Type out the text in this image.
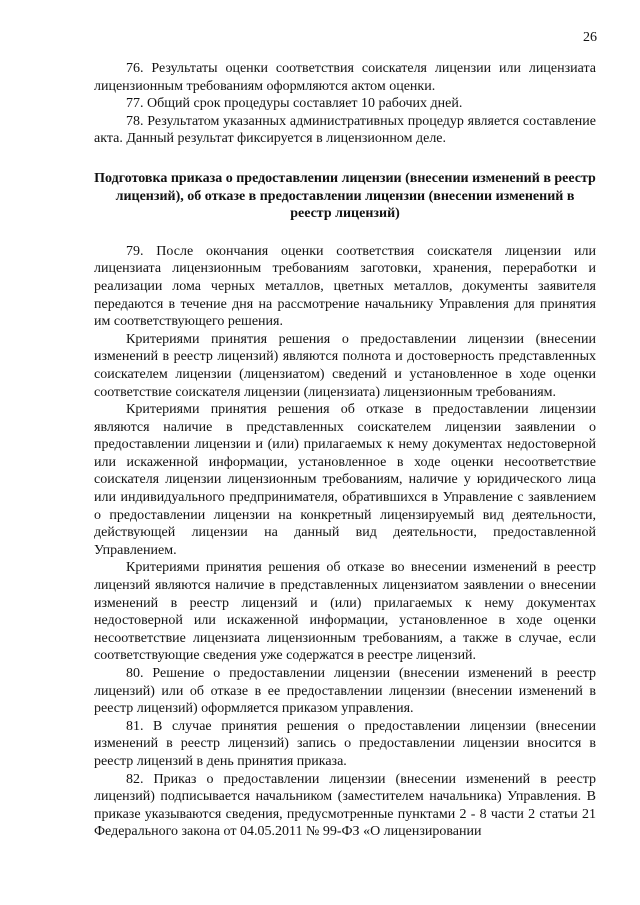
26

76. Результаты оценки соответствия соискателя лицензии или лицензиата лицензионным требованиям оформляются актом оценки.

77. Общий срок процедуры составляет 10 рабочих дней.

78. Результатом указанных административных процедур является составление акта. Данный результат фиксируется в лицензионном деле.

Подготовка приказа о предоставлении лицензии (внесении изменений в реестр лицензий), об отказе в предоставлении лицензии (внесении изменений в реестр лицензий)

79. После окончания оценки соответствия соискателя лицензии или лицензиата лицензионным требованиям заготовки, хранения, переработки и реализации лома черных металлов, цветных металлов, документы заявителя передаются в течение дня на рассмотрение начальнику Управления для принятия им соответствующего решения.

Критериями принятия решения о предоставлении лицензии (внесении изменений в реестр лицензий) являются полнота и достоверность представленных соискателем лицензии (лицензиатом) сведений и установленное в ходе оценки соответствие соискателя лицензии (лицензиата) лицензионным требованиям.

Критериями принятия решения об отказе в предоставлении лицензии являются наличие в представленных соискателем лицензии заявлении о предоставлении лицензии и (или) прилагаемых к нему документах недостоверной или искаженной информации, установленное в ходе оценки несоответствие соискателя лицензии лицензионным требованиям, наличие у юридического лица или индивидуального предпринимателя, обратившихся в Управление с заявлением о предоставлении лицензии на конкретный лицензируемый вид деятельности, действующей лицензии на данный вид деятельности, предоставленной Управлением.

Критериями принятия решения об отказе во внесении изменений в реестр лицензий являются наличие в представленных лицензиатом заявлении о внесении изменений в реестр лицензий и (или) прилагаемых к нему документах недостоверной или искаженной информации, установленное в ходе оценки несоответствие лицензиата лицензионным требованиям, а также в случае, если соответствующие сведения уже содержатся в реестре лицензий.

80. Решение о предоставлении лицензии (внесении изменений в реестр лицензий) или об отказе в ее предоставлении лицензии (внесении изменений в реестр лицензий) оформляется приказом управления.

81. В случае принятия решения о предоставлении лицензии (внесении изменений в реестр лицензий) запись о предоставлении лицензии вносится в реестр лицензий в день принятия приказа.

82. Приказ о предоставлении лицензии (внесении изменений в реестр лицензий) подписывается начальником (заместителем начальника) Управления. В приказе указываются сведения, предусмотренные пунктами 2 - 8 части 2 статьи 21 Федерального закона от 04.05.2011 № 99-ФЗ «О лицензировании
